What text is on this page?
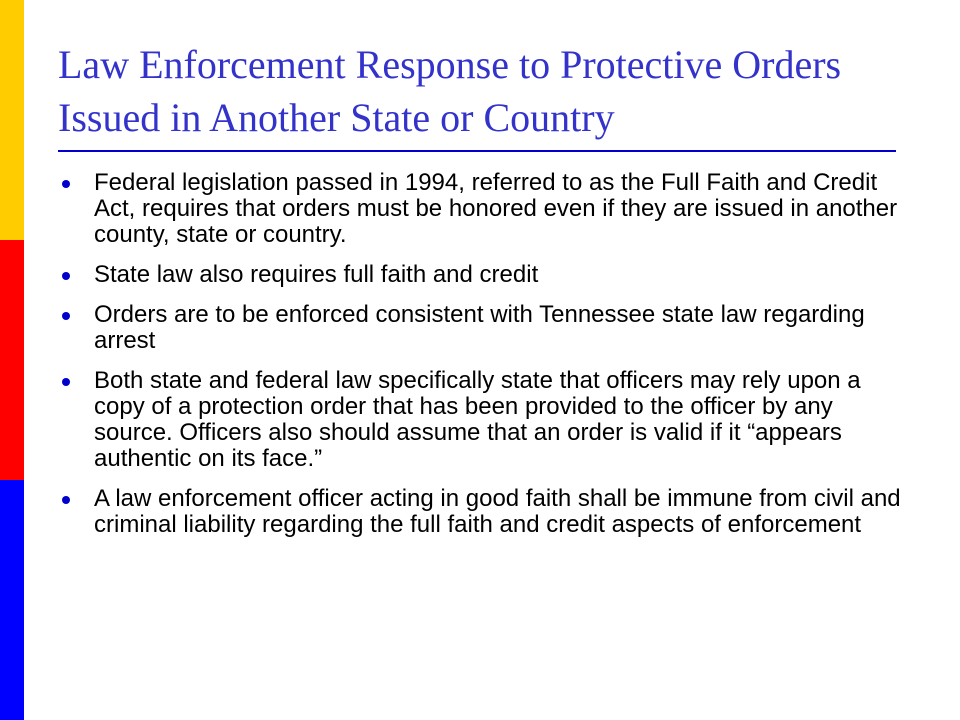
Law Enforcement Response to Protective Orders Issued in Another State or Country
Federal legislation passed in 1994, referred to as the Full Faith and Credit Act, requires that orders must be honored even if they are issued in another county, state or country.
State law also requires full faith and credit
Orders are to be enforced consistent with Tennessee state law regarding arrest
Both state and federal law specifically state that officers may rely upon a copy of a protection order that has been provided to the officer by any source. Officers also should assume that an order is valid if it “appears authentic on its face.”
A law enforcement officer acting in good faith shall be immune from civil and criminal liability regarding the full faith and credit aspects of enforcement
